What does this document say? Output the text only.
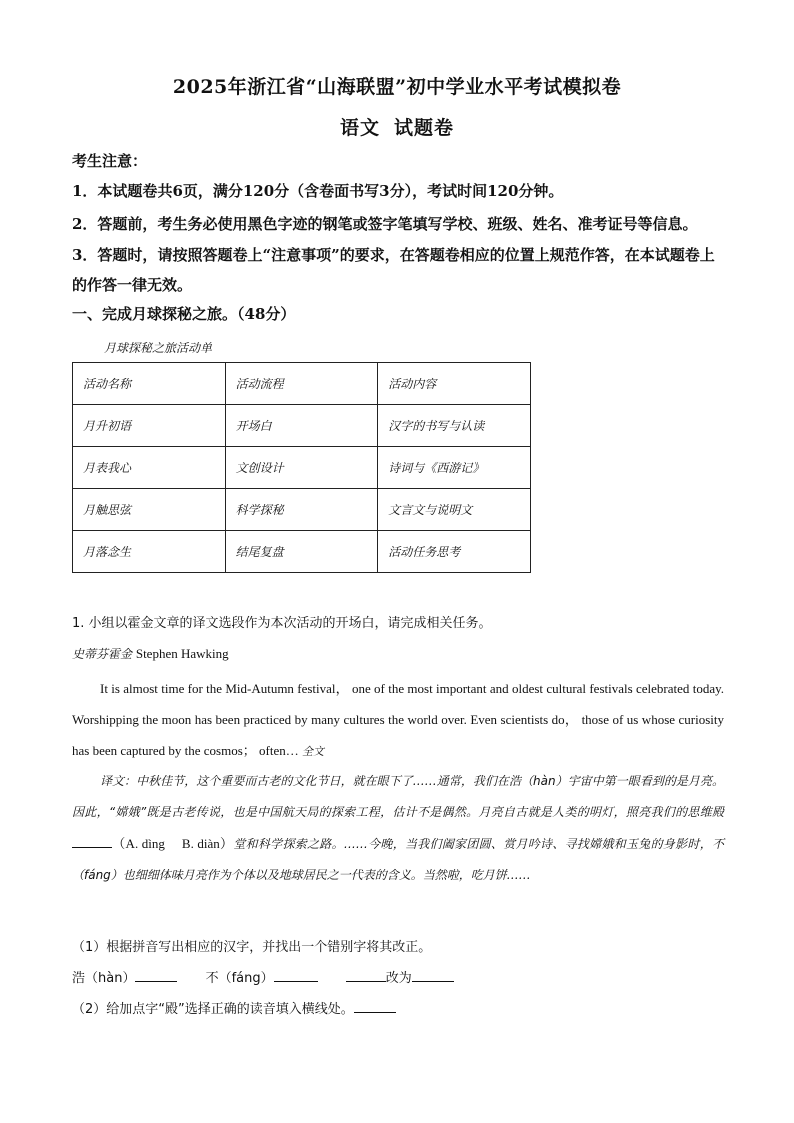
2025年浙江省“山海联盟”初中学业水平考试模拟卷
语文 试题卷
考生注意：
1．本试题卷共6页，满分120分（含卷面书写3分），考试时间120分钟。
2．答题前，考生务必使用黑色字迹的钢笔或签字笔填写学校、班级、姓名、准考证号等信息。
3．答题时，请按照答题卷上“注意事项”的要求，在答题卷相应的位置上规范作答，在本试题卷上的作答一律无效。
一、完成月球探秘之旅。（48分）
月球探秘之旅活动单
活动名称	活动流程	活动内容
月升初语	开场白	汉字的书写与认读
月表我心	文创设计	诗词与《西游记》
月触思弦	科学探秘	文言文与说明文
月落念生	结尾复盘	活动任务思考
1. 小组以霍金文章的译文选段作为本次活动的开场白，请完成相关任务。
史蒂芬霍金 Stephen Hawking
It is almost time for the Mid-Autumn festival， one of the most important and oldest cultural festivals celebrated today. Worshipping the moon has been practiced by many cultures the world over. Even scientists do， those of us whose curiosity has been captured by the cosmos； often… 全文
译文：中秋佳节，这个重要而古老的文化节日，就在眼下了……通常，我们在浩（hàn）宇宙中第一眼看到的是月亮。因此，“嫦娥”既是古老传说，也是中国航天局的探索工程，估计不是偶然。月亮自古就是人类的明灯，照亮我们的思维殿（A. dìng　 B. diàn）堂和科学探索之路。……今晚，当我们阖家团圆、赏月吟诗、寻找嫦娥和玉兔的身影时，不（fáng）也细细体味月亮作为个体以及地球居民之一代表的含义。当然啦，吃月饼……
（1）根据拼音写出相应的汉字，并找出一个错别字将其改正。
浩（hàn）	不（fáng）	改为
（2）给加点字“殿”选择正确的读音填入横线处。
